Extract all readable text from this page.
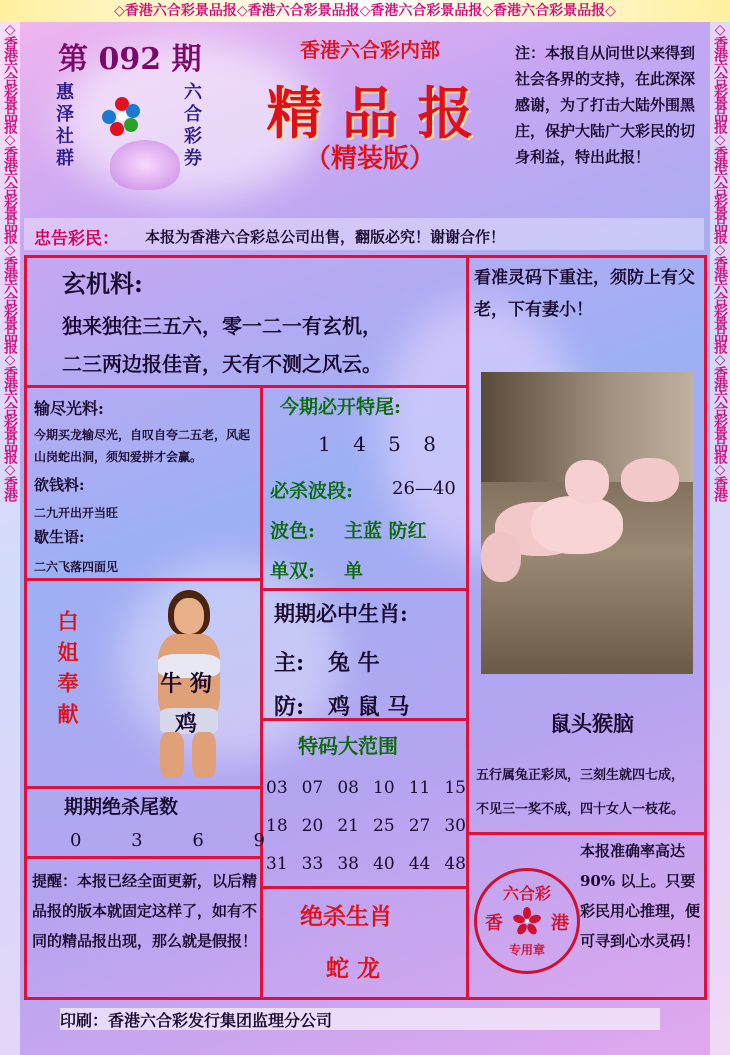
◇香港六合彩景品报◇香港六合彩景品报◇香港六合彩景品报◇香港六合彩景品报◇
◇香港六合彩景品报◇香港六合彩景品报◇香港六合彩景品报◇香港六合彩景品报◇香港	◇香港六合彩景品报◇香港六合彩景品报◇香港六合彩景品报◇香港六合彩景品报◇香港
第 092 期
惠泽社群	六合彩券
香港六合彩内部
精 品 报
（精装版）
注：本报自从问世以来得到社会各界的支持，在此深深感谢，为了打击大陆外围黑庄，保护大陆广大彩民的切身利益，特出此报！
忠告彩民： 本报为香港六合彩总公司出售，翻版必究！谢谢合作！
玄机料:
独来独往三五六，零一二一有玄机，
二三两边报佳音，天有不测之风云。
看准灵码下重注，须防上有父老，下有妻小！
输尽光料:
今期买龙输尽光，自叹自夸二五老，风起山岗蛇出洞，须知爱拼才会赢。
欲钱料:
二九开出开当旺
歇生语:
二六飞落四面见
今期必开特尾:
1 4 5 8
必杀波段: 26—40
波色: 主蓝 防红
单双: 单
白姐奉献	牛 狗 鸡
期期必中生肖:
主: 兔 牛
防: 鸡 鼠 马
期期绝杀尾数
0 3 6 9
特码大范围
03 07 08 10 11 15
18 20 21 25 27 30
31 33 38 40 44 48
提醒：本报已经全面更新，以后精品报的版本就固定这样了，如有不同的精品报出现，那么就是假报！
绝杀生肖
蛇 龙
鼠头猴脑
五行属兔正彩凤，三刻生就四七成，
不见三一奖不成，四十女人一枝花。
六合彩
香	港
专用章
本报准确率高达 90% 以上。只要彩民用心推理，便可寻到心水灵码！
印刷：香港六合彩发行集团监理分公司
